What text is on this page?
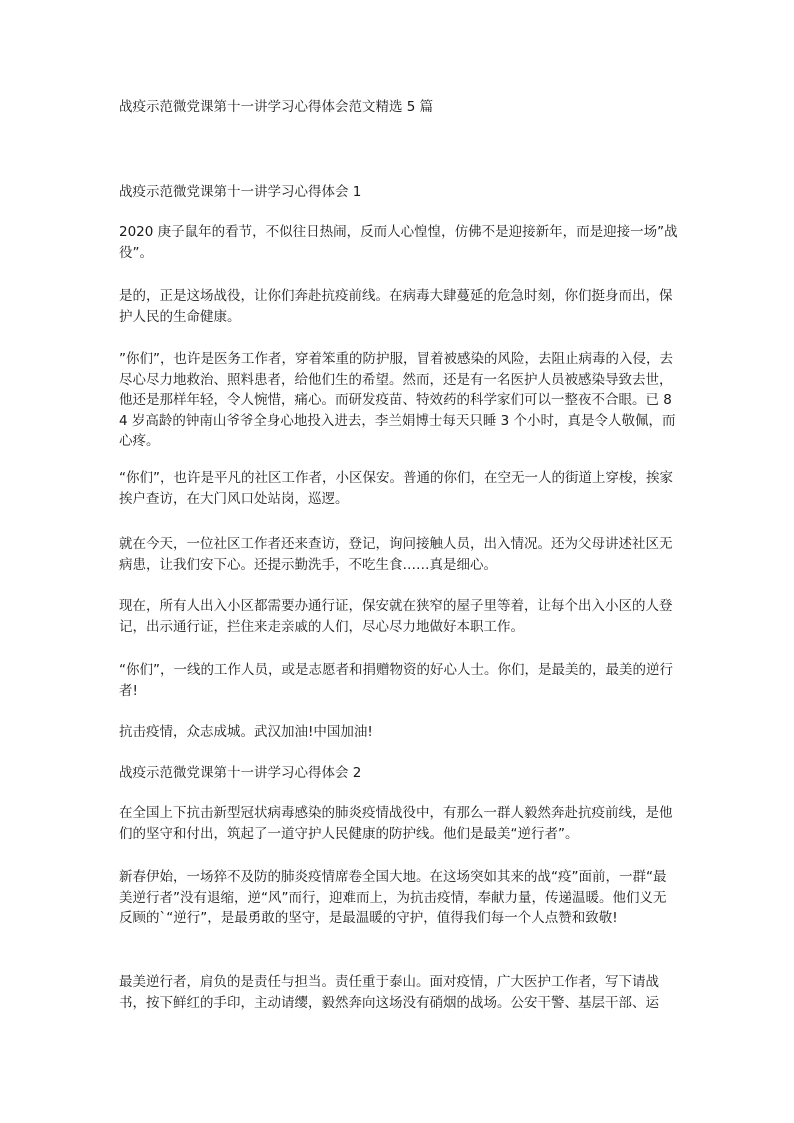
战疫示范微党课第十一讲学习心得体会范文精选 5 篇
战疫示范微党课第十一讲学习心得体会 1
2020 庚子鼠年的看节，不似往日热闹，反而人心惶惶，仿佛不是迎接新年，而是迎接一场”战役”。
是的，正是这场战役，让你们奔赴抗疫前线。在病毒大肆蔓延的危急时刻，你们挺身而出，保护人民的生命健康。
”你们”，也许是医务工作者，穿着笨重的防护服，冒着被感染的风险，去阻止病毒的入侵，去尽心尽力地救治、照料患者，给他们生的希望。然而，还是有一名医护人员被感染导致去世，他还是那样年轻，令人惋惜，痛心。而研发疫苗、特效药的科学家们可以一整夜不合眼。已 84 岁高龄的钟南山爷爷全身心地投入进去，李兰娟博士每天只睡 3 个小时，真是令人敬佩，而心疼。
“你们”，也许是平凡的社区工作者，小区保安。普通的你们，在空无一人的街道上穿梭，挨家挨户查访，在大门风口处站岗，巡逻。
就在今天，一位社区工作者还来查访，登记，询问接触人员，出入情况。还为父母讲述社区无病患，让我们安下心。还提示勤洗手，不吃生食……真是细心。
现在，所有人出入小区都需要办通行证，保安就在狭窄的屋子里等着，让每个出入小区的人登记，出示通行证，拦住来走亲戚的人们，尽心尽力地做好本职工作。
“你们”，一线的工作人员，或是志愿者和捐赠物资的好心人士。你们，是最美的，最美的逆行者!
抗击疫情，众志成城。武汉加油!中国加油!
战疫示范微党课第十一讲学习心得体会 2
在全国上下抗击新型冠状病毒感染的肺炎疫情战役中，有那么一群人毅然奔赴抗疫前线，是他们的坚守和付出，筑起了一道守护人民健康的防护线。他们是最美“逆行者”。
新春伊始，一场猝不及防的肺炎疫情席卷全国大地。在这场突如其来的战“疫”面前，一群“最美逆行者”没有退缩，逆“风”而行，迎难而上，为抗击疫情，奉献力量，传递温暖。他们义无反顾的`“逆行”，是最勇敢的坚守，是最温暖的守护，值得我们每一个人点赞和致敬!
最美逆行者，肩负的是责任与担当。责任重于泰山。面对疫情，广大医护工作者，写下请战书，按下鲜红的手印，主动请缨，毅然奔向这场没有硝烟的战场。公安干警、基层干部、运
